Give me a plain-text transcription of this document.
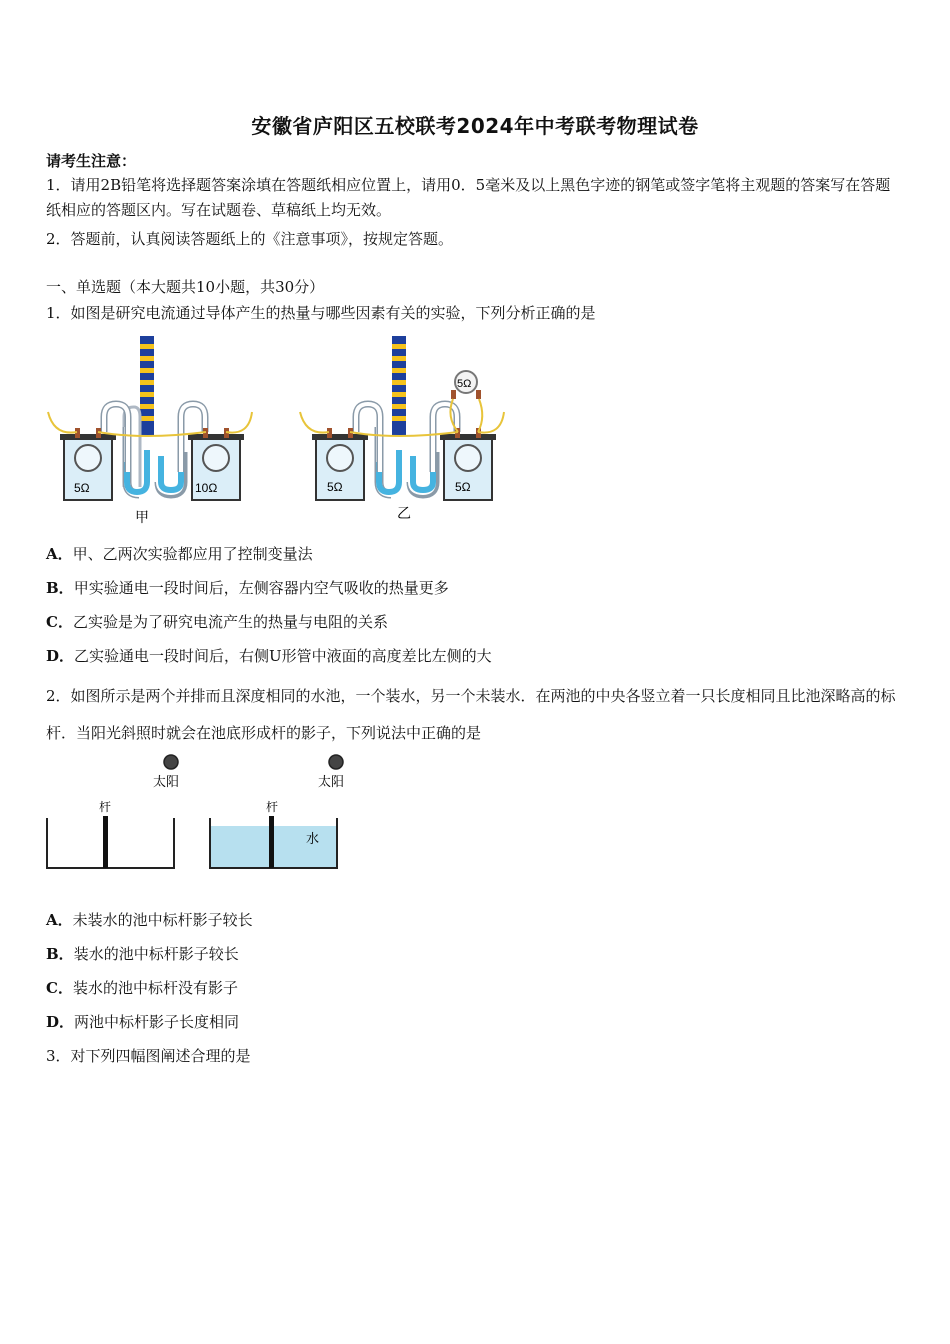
安徽省庐阳区五校联考2024年中考联考物理试卷
请考生注意：
1．请用2B铅笔将选择题答案涂填在答题纸相应位置上，请用0．5毫米及以上黑色字迹的钢笔或签字笔将主观题的答案写在答题纸相应的答题区内。写在试题卷、草稿纸上均无效。
2．答题前，认真阅读答题纸上的《注意事项》，按规定答题。
一、单选题（本大题共10小题，共30分）
1．如图是研究电流通过导体产生的热量与哪些因素有关的实验，下列分析正确的是
5Ω	10Ω
甲
5Ω
5Ω	5Ω
乙
A．甲、乙两次实验都应用了控制变量法
B．甲实验通电一段时间后，左侧容器内空气吸收的热量更多
C．乙实验是为了研究电流产生的热量与电阻的关系
D．乙实验通电一段时间后，右侧U形管中液面的高度差比左侧的大
2．如图所示是两个并排而且深度相同的水池，一个装水，另一个未装水．在两池的中央各竖立着一只长度相同且比池深略高的标杆．当阳光斜照时就会在池底形成杆的影子，下列说法中正确的是
太阳	太阳
杆	杆
水
A．未装水的池中标杆影子较长
B．装水的池中标杆影子较长
C．装水的池中标杆没有影子
D．两池中标杆影子长度相同
3．对下列四幅图阐述合理的是
